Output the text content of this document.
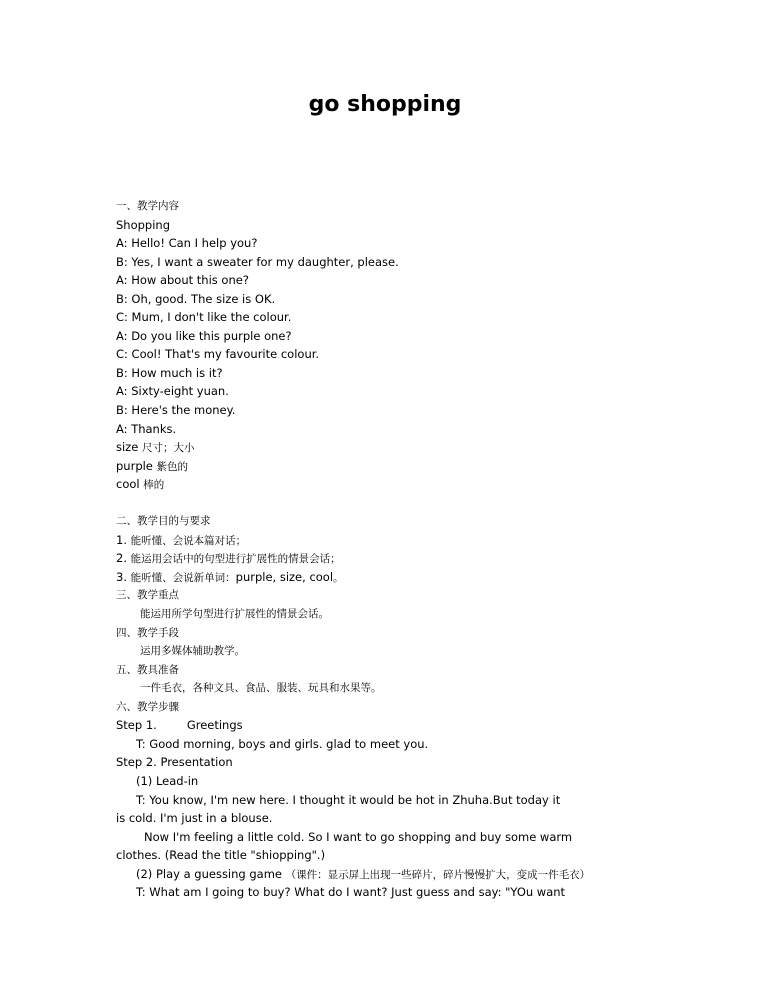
go shopping
一、教学内容
Shopping
A: Hello! Can I help you?
B: Yes, I want a sweater for my daughter, please.
A: How about this one?
B: Oh, good. The size is OK.
C: Mum, I don't like the colour.
A: Do you like this purple one?
C: Cool! That's my favourite colour.
B: How much is it?
A: Sixty-eight yuan.
B: Here's the money.
A: Thanks.
size 尺寸；大小
purple 紫色的
cool 棒的
二、教学目的与要求
1. 能听懂、会说本篇对话；
2. 能运用会话中的句型进行扩展性的情景会话；
3. 能听懂、会说新单词：purple, size, cool。
三、教学重点
能运用所学句型进行扩展性的情景会话。
四、教学手段
运用多媒体辅助教学。
五、教具准备
一件毛衣，各种文具、食品、服装、玩具和水果等。
六、教学步骤
Step 1.	Greetings
T: Good morning, boys and girls. glad to meet you.
Step 2. Presentation
(1) Lead-in
T: You know, I'm new here. I thought it would be hot in Zhuha.But today it
is cold. I'm just in a blouse.
Now I'm feeling a little cold. So I want to go shopping and buy some warm
clothes. (Read the title "shiopping".)
(2) Play a guessing game （课件：显示屏上出现一些碎片，碎片慢慢扩大，变成一件毛衣）
T: What am I going to buy? What do I want? Just guess and say: "YOu want
